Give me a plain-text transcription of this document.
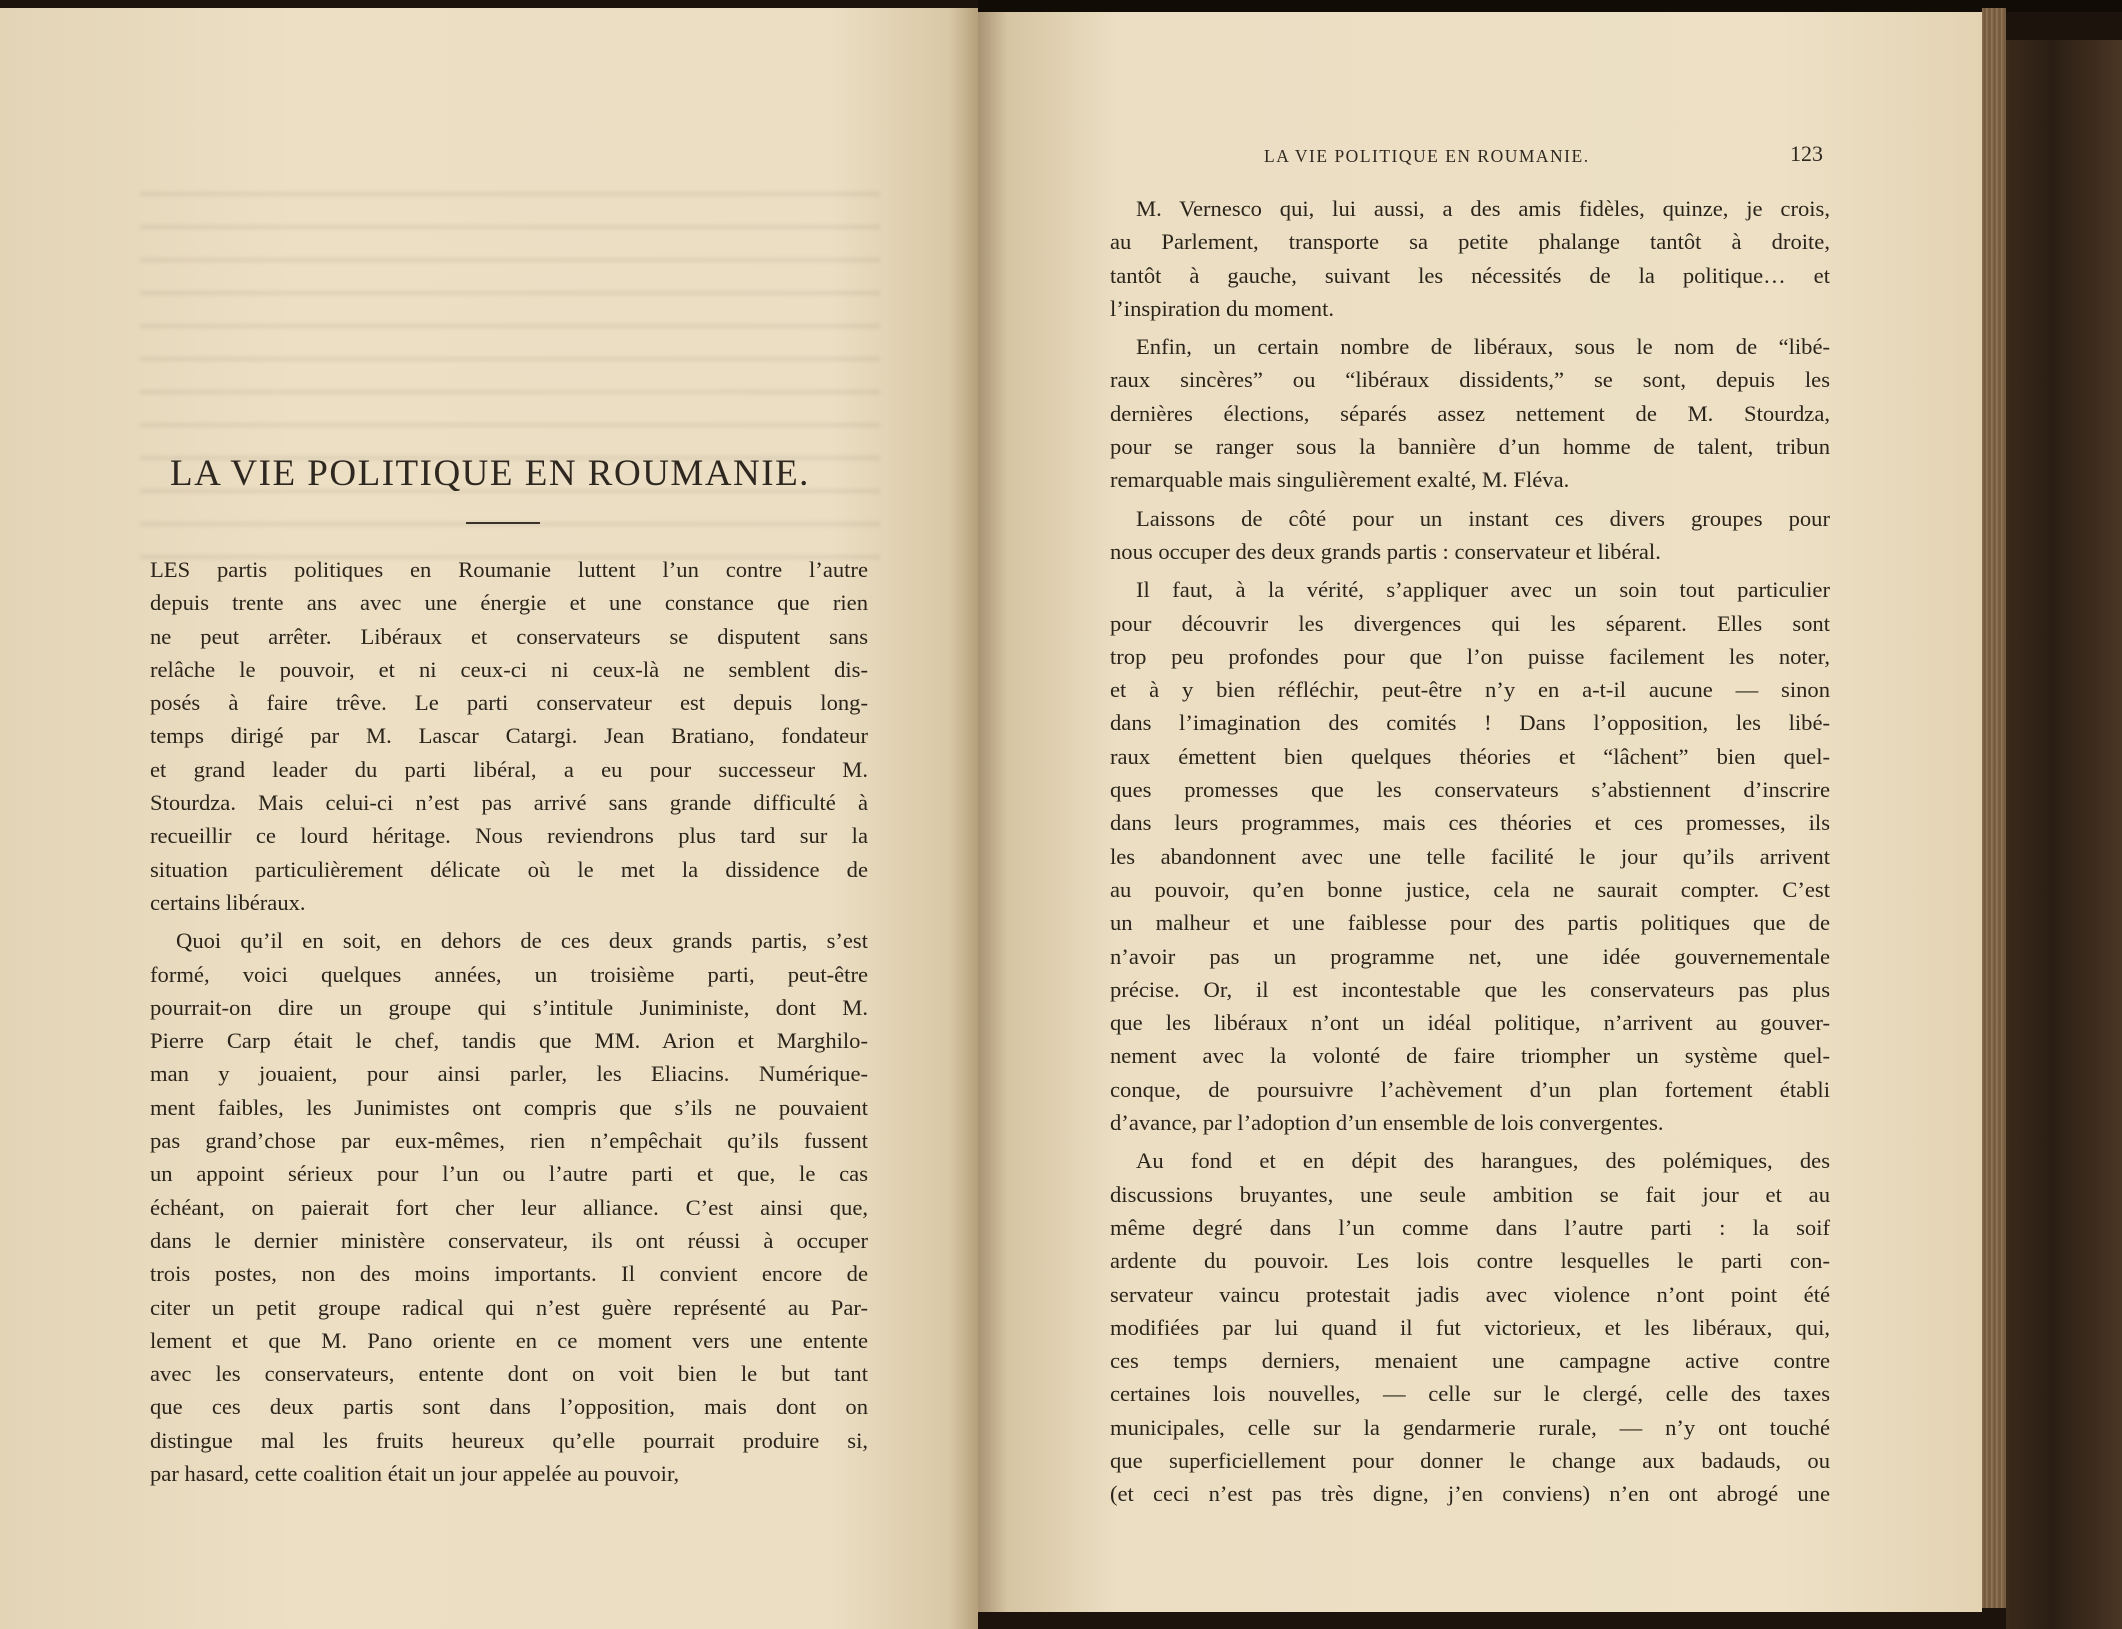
LA VIE POLITIQUE EN ROUMANIE.
LES partis politiques en Roumanie luttent l’un contre l’autre
depuis trente ans avec une énergie et une constance que rien
ne peut arrêter. Libéraux et conservateurs se disputent sans
relâche le pouvoir, et ni ceux-ci ni ceux-là ne semblent dis-
posés à faire trêve. Le parti conservateur est depuis long-
temps dirigé par M. Lascar Catargi. Jean Bratiano, fondateur
et grand leader du parti libéral, a eu pour successeur M.
Stourdza. Mais celui-ci n’est pas arrivé sans grande difficulté à
recueillir ce lourd héritage. Nous reviendrons plus tard sur la
situation particulièrement délicate où le met la dissidence de
certains libéraux.
Quoi qu’il en soit, en dehors de ces deux grands partis, s’est
formé, voici quelques années, un troisième parti, peut-être
pourrait-on dire un groupe qui s’intitule Juniministe, dont M.
Pierre Carp était le chef, tandis que MM. Arion et Marghilo-
man y jouaient, pour ainsi parler, les Eliacins. Numérique-
ment faibles, les Junimistes ont compris que s’ils ne pouvaient
pas grand’chose par eux-mêmes, rien n’empêchait qu’ils fussent
un appoint sérieux pour l’un ou l’autre parti et que, le cas
échéant, on paierait fort cher leur alliance. C’est ainsi que,
dans le dernier ministère conservateur, ils ont réussi à occuper
trois postes, non des moins importants. Il convient encore de
citer un petit groupe radical qui n’est guère représenté au Par-
lement et que M. Pano oriente en ce moment vers une entente
avec les conservateurs, entente dont on voit bien le but tant
que ces deux partis sont dans l’opposition, mais dont on
distingue mal les fruits heureux qu’elle pourrait produire si,
par hasard, cette coalition était un jour appelée au pouvoir,
LA VIE POLITIQUE EN ROUMANIE.	123
M. Vernesco qui, lui aussi, a des amis fidèles, quinze, je crois,
au Parlement, transporte sa petite phalange tantôt à droite,
tantôt à gauche, suivant les nécessités de la politique… et
l’inspiration du moment.
Enfin, un certain nombre de libéraux, sous le nom de “libé-
raux sincères” ou “libéraux dissidents,” se sont, depuis les
dernières élections, séparés assez nettement de M. Stourdza,
pour se ranger sous la bannière d’un homme de talent, tribun
remarquable mais singulièrement exalté, M. Fléva.
Laissons de côté pour un instant ces divers groupes pour
nous occuper des deux grands partis : conservateur et libéral.
Il faut, à la vérité, s’appliquer avec un soin tout particulier
pour découvrir les divergences qui les séparent. Elles sont
trop peu profondes pour que l’on puisse facilement les noter,
et à y bien réfléchir, peut-être n’y en a-t-il aucune — sinon
dans l’imagination des comités ! Dans l’opposition, les libé-
raux émettent bien quelques théories et “lâchent” bien quel-
ques promesses que les conservateurs s’abstiennent d’inscrire
dans leurs programmes, mais ces théories et ces promesses, ils
les abandonnent avec une telle facilité le jour qu’ils arrivent
au pouvoir, qu’en bonne justice, cela ne saurait compter. C’est
un malheur et une faiblesse pour des partis politiques que de
n’avoir pas un programme net, une idée gouvernementale
précise. Or, il est incontestable que les conservateurs pas plus
que les libéraux n’ont un idéal politique, n’arrivent au gouver-
nement avec la volonté de faire triompher un système quel-
conque, de poursuivre l’achèvement d’un plan fortement établi
d’avance, par l’adoption d’un ensemble de lois convergentes.
Au fond et en dépit des harangues, des polémiques, des
discussions bruyantes, une seule ambition se fait jour et au
même degré dans l’un comme dans l’autre parti : la soif
ardente du pouvoir. Les lois contre lesquelles le parti con-
servateur vaincu protestait jadis avec violence n’ont point été
modifiées par lui quand il fut victorieux, et les libéraux, qui,
ces temps derniers, menaient une campagne active contre
certaines lois nouvelles, — celle sur le clergé, celle des taxes
municipales, celle sur la gendarmerie rurale, — n’y ont touché
que superficiellement pour donner le change aux badauds, ou
(et ceci n’est pas très digne, j’en conviens) n’en ont abrogé une
